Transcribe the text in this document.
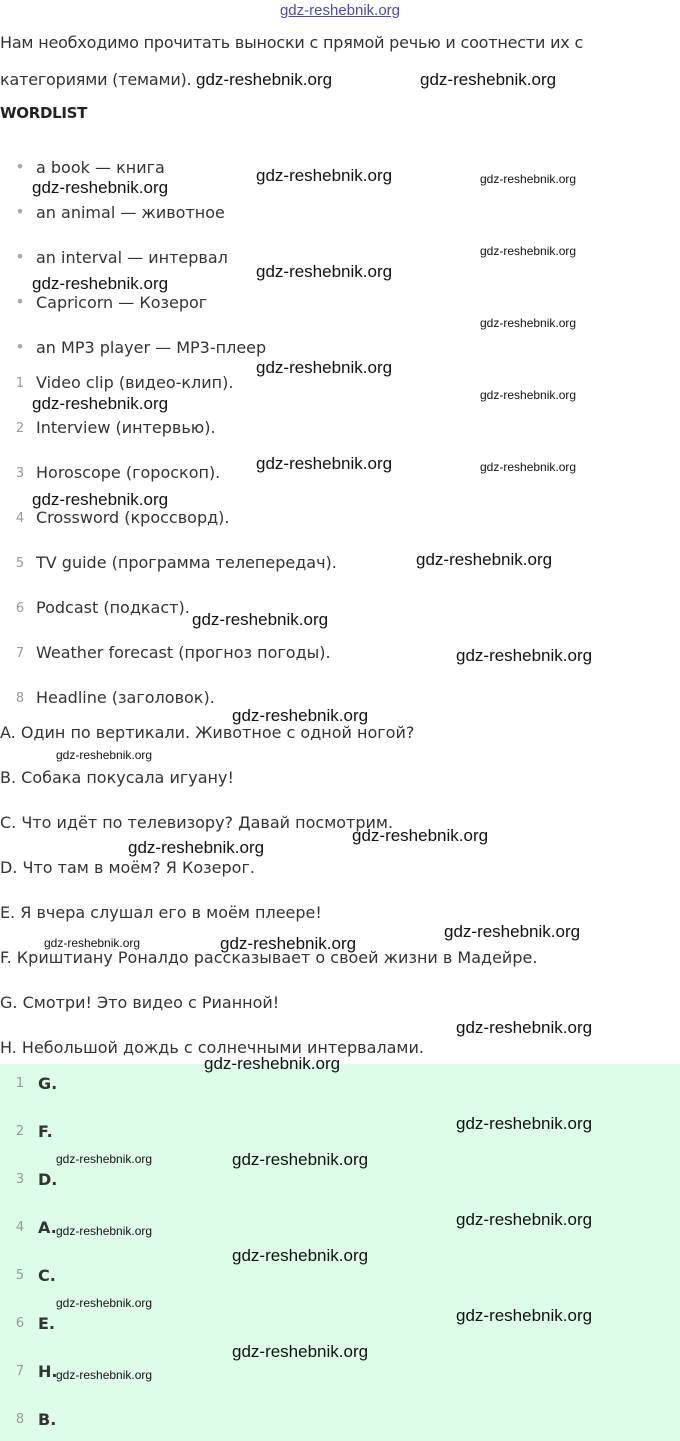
gdz-reshebnik.org
Нам необходимо прочитать выноски с прямой речью и соотнести их с
категориями (темами).
WORDLIST
• a book — книга
• an animal — животное
• an interval — интервал
• Capricorn — Козерог
• an MP3 player — MP3-плеер
1 Video clip (видео-клип).
2 Interview (интервью).
3 Horoscope (гороскоп).
4 Crossword (кроссворд).
5 TV guide (программа телепередач).
6 Podcast (подкаст).
7 Weather forecast (прогноз погоды).
8 Headline (заголовок).
A. Один по вертикали. Животное с одной ногой?
B. Собака покусала игуану!
C. Что идёт по телевизору? Давай посмотрим.
D. Что там в моём? Я Козерог.
E. Я вчера слушал его в моём плеере!
F. Криштиану Роналдо рассказывает о своей жизни в Мадейре.
G. Смотри! Это видео с Рианной!
H. Небольшой дождь с солнечными интервалами.
1 G.
2 F.
3 D.
4 A.
5 C.
6 E.
7 H.
8 B.
gdz-reshebnik.org	gdz-reshebnik.org
gdz-reshebnik.org
gdz-reshebnik.org	gdz-reshebnik.org
gdz-reshebnik.org
gdz-reshebnik.org
gdz-reshebnik.org
gdz-reshebnik.org
gdz-reshebnik.org
gdz-reshebnik.org
gdz-reshebnik.org
gdz-reshebnik.org	gdz-reshebnik.org
gdz-reshebnik.org
gdz-reshebnik.org
gdz-reshebnik.org
gdz-reshebnik.org
gdz-reshebnik.org
gdz-reshebnik.org
gdz-reshebnik.org
gdz-reshebnik.org
gdz-reshebnik.org
gdz-reshebnik.org	gdz-reshebnik.org
gdz-reshebnik.org
gdz-reshebnik.org
gdz-reshebnik.org
gdz-reshebnik.org	gdz-reshebnik.org
gdz-reshebnik.org
gdz-reshebnik.org
gdz-reshebnik.org
gdz-reshebnik.org
gdz-reshebnik.org
gdz-reshebnik.org
gdz-reshebnik.org
